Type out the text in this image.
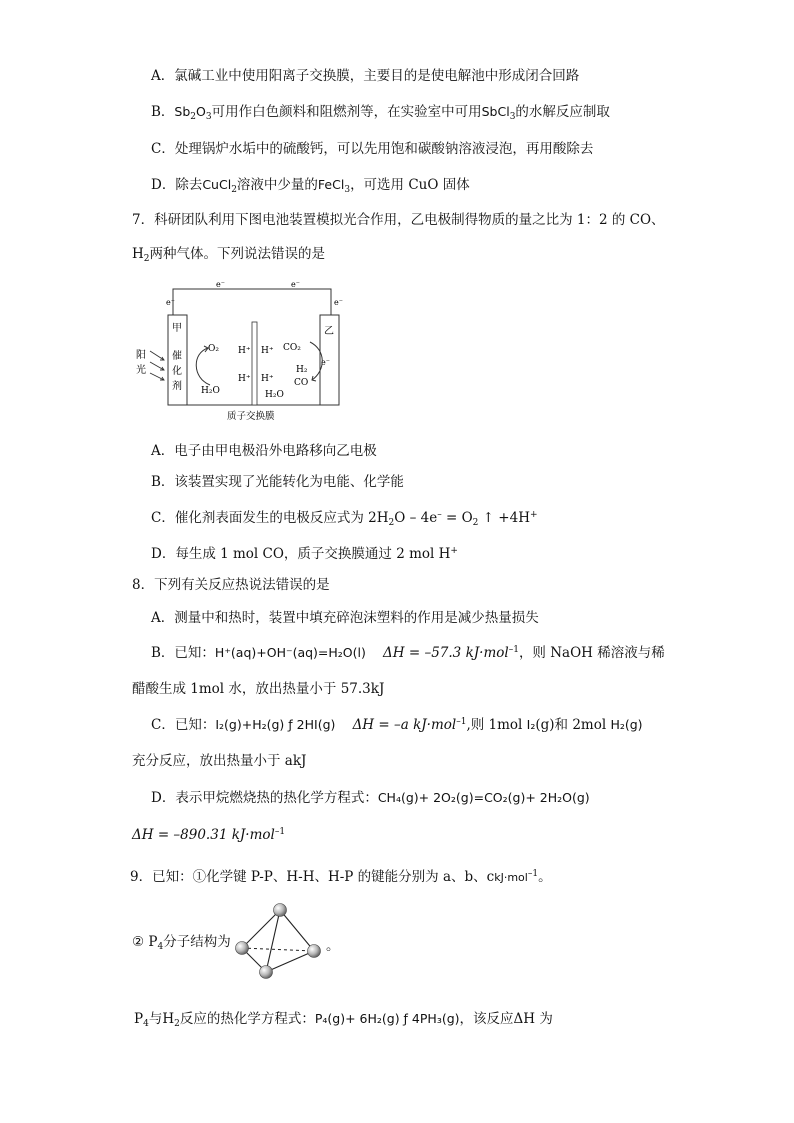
A．氯碱工业中使用阳离子交换膜，主要目的是使电解池中形成闭合回路
B．$Sb_2O_3$可用作白色颜料和阻燃剂等，在实验室中可用SbCl$_3$的水解反应制取
C．处理锅炉水垢中的硫酸钙，可以先用饱和碳酸钠溶液浸泡，再用酸除去
D．除去CuCl$_2$溶液中少量的FeCl$_3$，可选用 CuO 固体
7．科研团队利用下图电池装置模拟光合作用，乙电极制得物质的量之比为 1：2 的 CO、
$H_2$两种气体。下列说法错误的是
e⁻	e⁻
e⁻	e⁻
甲
催
化
剂
乙
e⁻
阳
光
O₂
H₂O
H⁺
H⁺
H⁺
H⁺
H₂O
CO₂
H₂
CO
质子交换膜
A．电子由甲电极沿外电路移向乙电极
B．该装置实现了光能转化为电能、化学能
C．催化剂表面发生的电极反应式为 $2H_2O - 4e^- = O_2$ ↑ +4H+
D．每生成 1 mol CO，质子交换膜通过 2 mol H+
8．下列有关反应热说法错误的是
A．测量中和热时，装置中填充碎泡沫塑料的作用是减少热量损失
B．已知：H⁺(aq)+OH⁻(aq)=H₂O(l) ΔH = –57.3 kJ·mol$^{-1}$，则 NaOH 稀溶液与稀
醋酸生成 1mol 水，放出热量小于 57.3kJ
C．已知：I₂(g)+H₂(g) ƒ 2HI(g) ΔH = –a kJ·mol$^{-1}$,则 1mol I₂(g)和 2mol H₂(g)
充分反应，放出热量小于 akJ
D．表示甲烷燃烧热的热化学方程式：CH₄(g)+ 2O₂(g)=CO₂(g)+ 2H₂O(g)
ΔH = –890.31 kJ·mol$^{-1}$
9．已知：①化学键 P-P、H-H、H-P 的键能分别为 a、b、ckJ·mol$^{-1}$。
② $P_4$分子结构为	。
$P_4$与$H_2$反应的热化学方程式：P₄(g)+ 6H₂(g) ƒ 4PH₃(g)，该反应ΔH 为
